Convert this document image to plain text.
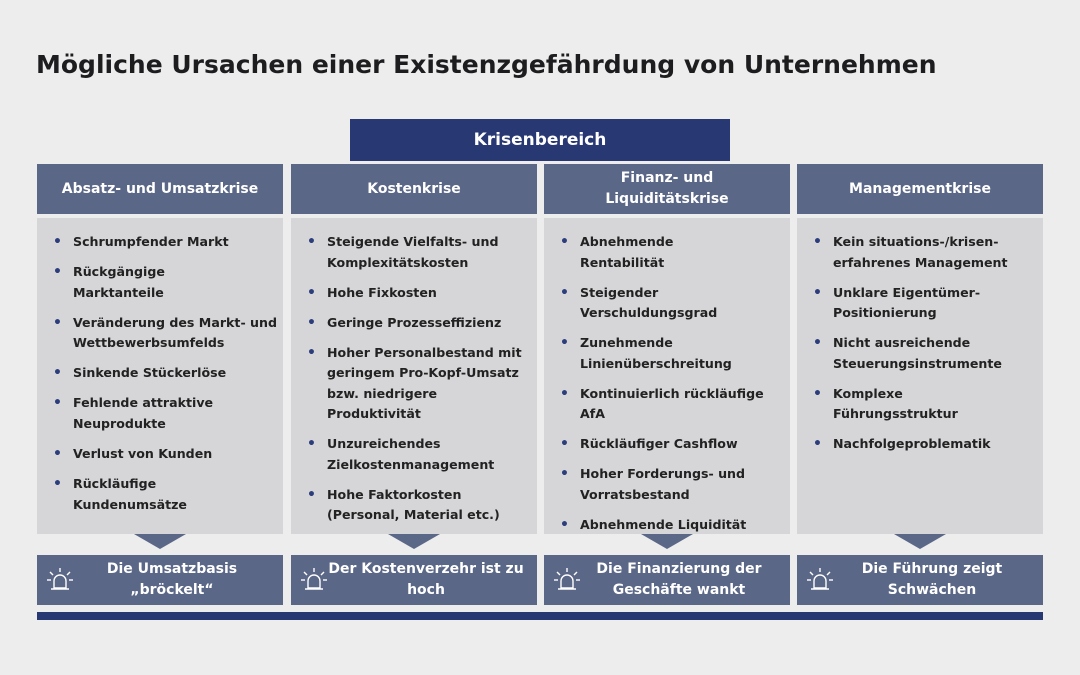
Mögliche Ursachen einer Existenzgefährdung von Unternehmen
Krisenbereich
Absatz- und Umsatzkrise
• Schrumpfender Markt
• Rückgängige Marktanteile
• Veränderung des Markt- und Wettbewerbsumfelds
• Sinkende Stückerlöse
• Fehlende attraktive Neuprodukte
• Verlust von Kunden
• Rückläufige Kundenumsätze
Die Umsatzbasis „bröckelt“
Kostenkrise
• Steigende Vielfalts- und Komplexitätskosten
• Hohe Fixkosten
• Geringe Prozesseffizienz
• Hoher Personalbestand mit geringem Pro-Kopf-Umsatz bzw. niedrigere Produktivität
• Unzureichendes Zielkostenmanagement
• Hohe Faktorkosten (Personal, Material etc.)
Der Kostenverzehr ist zu hoch
Finanz- und Liquiditätskrise
• Abnehmende Rentabilität
• Steigender Verschuldungsgrad
• Zunehmende Linienüberschreitung
• Kontinuierlich rückläufige AfA
• Rückläufiger Cashflow
• Hoher Forderungs- und Vorratsbestand
• Abnehmende Liquidität
Die Finanzierung der Geschäfte wankt
Managementkrise
• Kein situations-/krisen-erfahrenes Management
• Unklare Eigentümer-Positionierung
• Nicht ausreichende Steuerungsinstrumente
• Komplexe Führungsstruktur
• Nachfolgeproblematik
Die Führung zeigt Schwächen
